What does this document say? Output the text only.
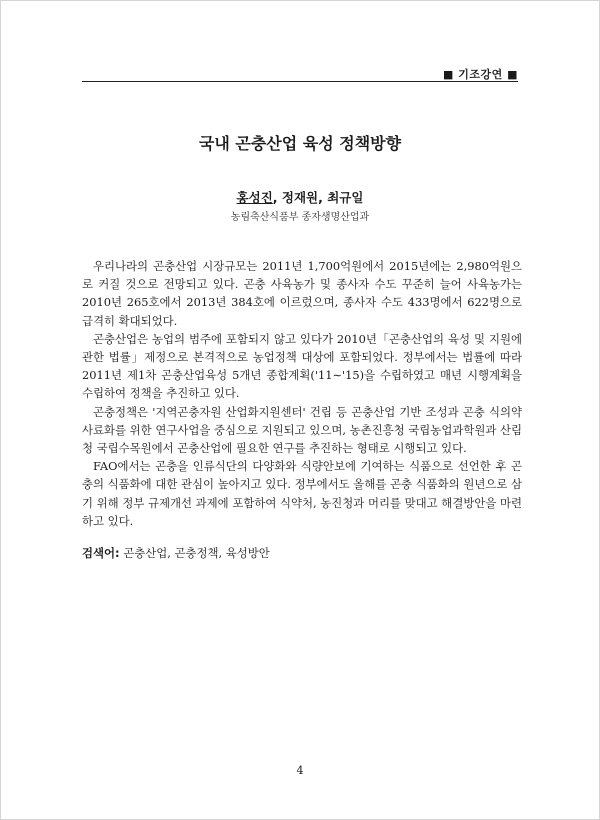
■ 기조강연 ■
국내 곤충산업 육성 정책방향
홍성진, 정재원, 최규일
농림축산식품부 종자생명산업과

우리나라의 곤충산업 시장규모는 2011년 1,700억원에서 2015년에는 2,980억원으로 커질 것으로 전망되고 있다. 곤충 사육농가 및 종사자 수도 꾸준히 늘어 사육농가는 2010년 265호에서 2013년 384호에 이르렀으며, 종사자 수도 433명에서 622명으로 급격히 확대되었다.

곤충산업은 농업의 범주에 포함되지 않고 있다가 2010년「곤충산업의 육성 및 지원에 관한 법률」제정으로 본격적으로 농업정책 대상에 포함되었다. 정부에서는 법률에 따라 2011년 제1차 곤충산업육성 5개년 종합계획('11∼'15)을 수립하였고 매년 시행계획을 수립하여 정책을 추진하고 있다.

곤충정책은 '지역곤충자원 산업화지원센터' 건립 등 곤충산업 기반 조성과 곤충 식의약사료화를 위한 연구사업을 중심으로 지원되고 있으며, 농촌진흥청 국립농업과학원과 산림청 국립수목원에서 곤충산업에 필요한 연구를 추진하는 형태로 시행되고 있다.

FAO에서는 곤충을 인류식단의 다양화와 식량안보에 기여하는 식품으로 선언한 후 곤충의 식품화에 대한 관심이 높아지고 있다. 정부에서도 올해를 곤충 식품화의 원년으로 삼기 위해 정부 규제개선 과제에 포함하여 식약처, 농진청과 머리를 맞대고 해결방안을 마련하고 있다.

검색어: 곤충산업, 곤충정책, 육성방안
4
